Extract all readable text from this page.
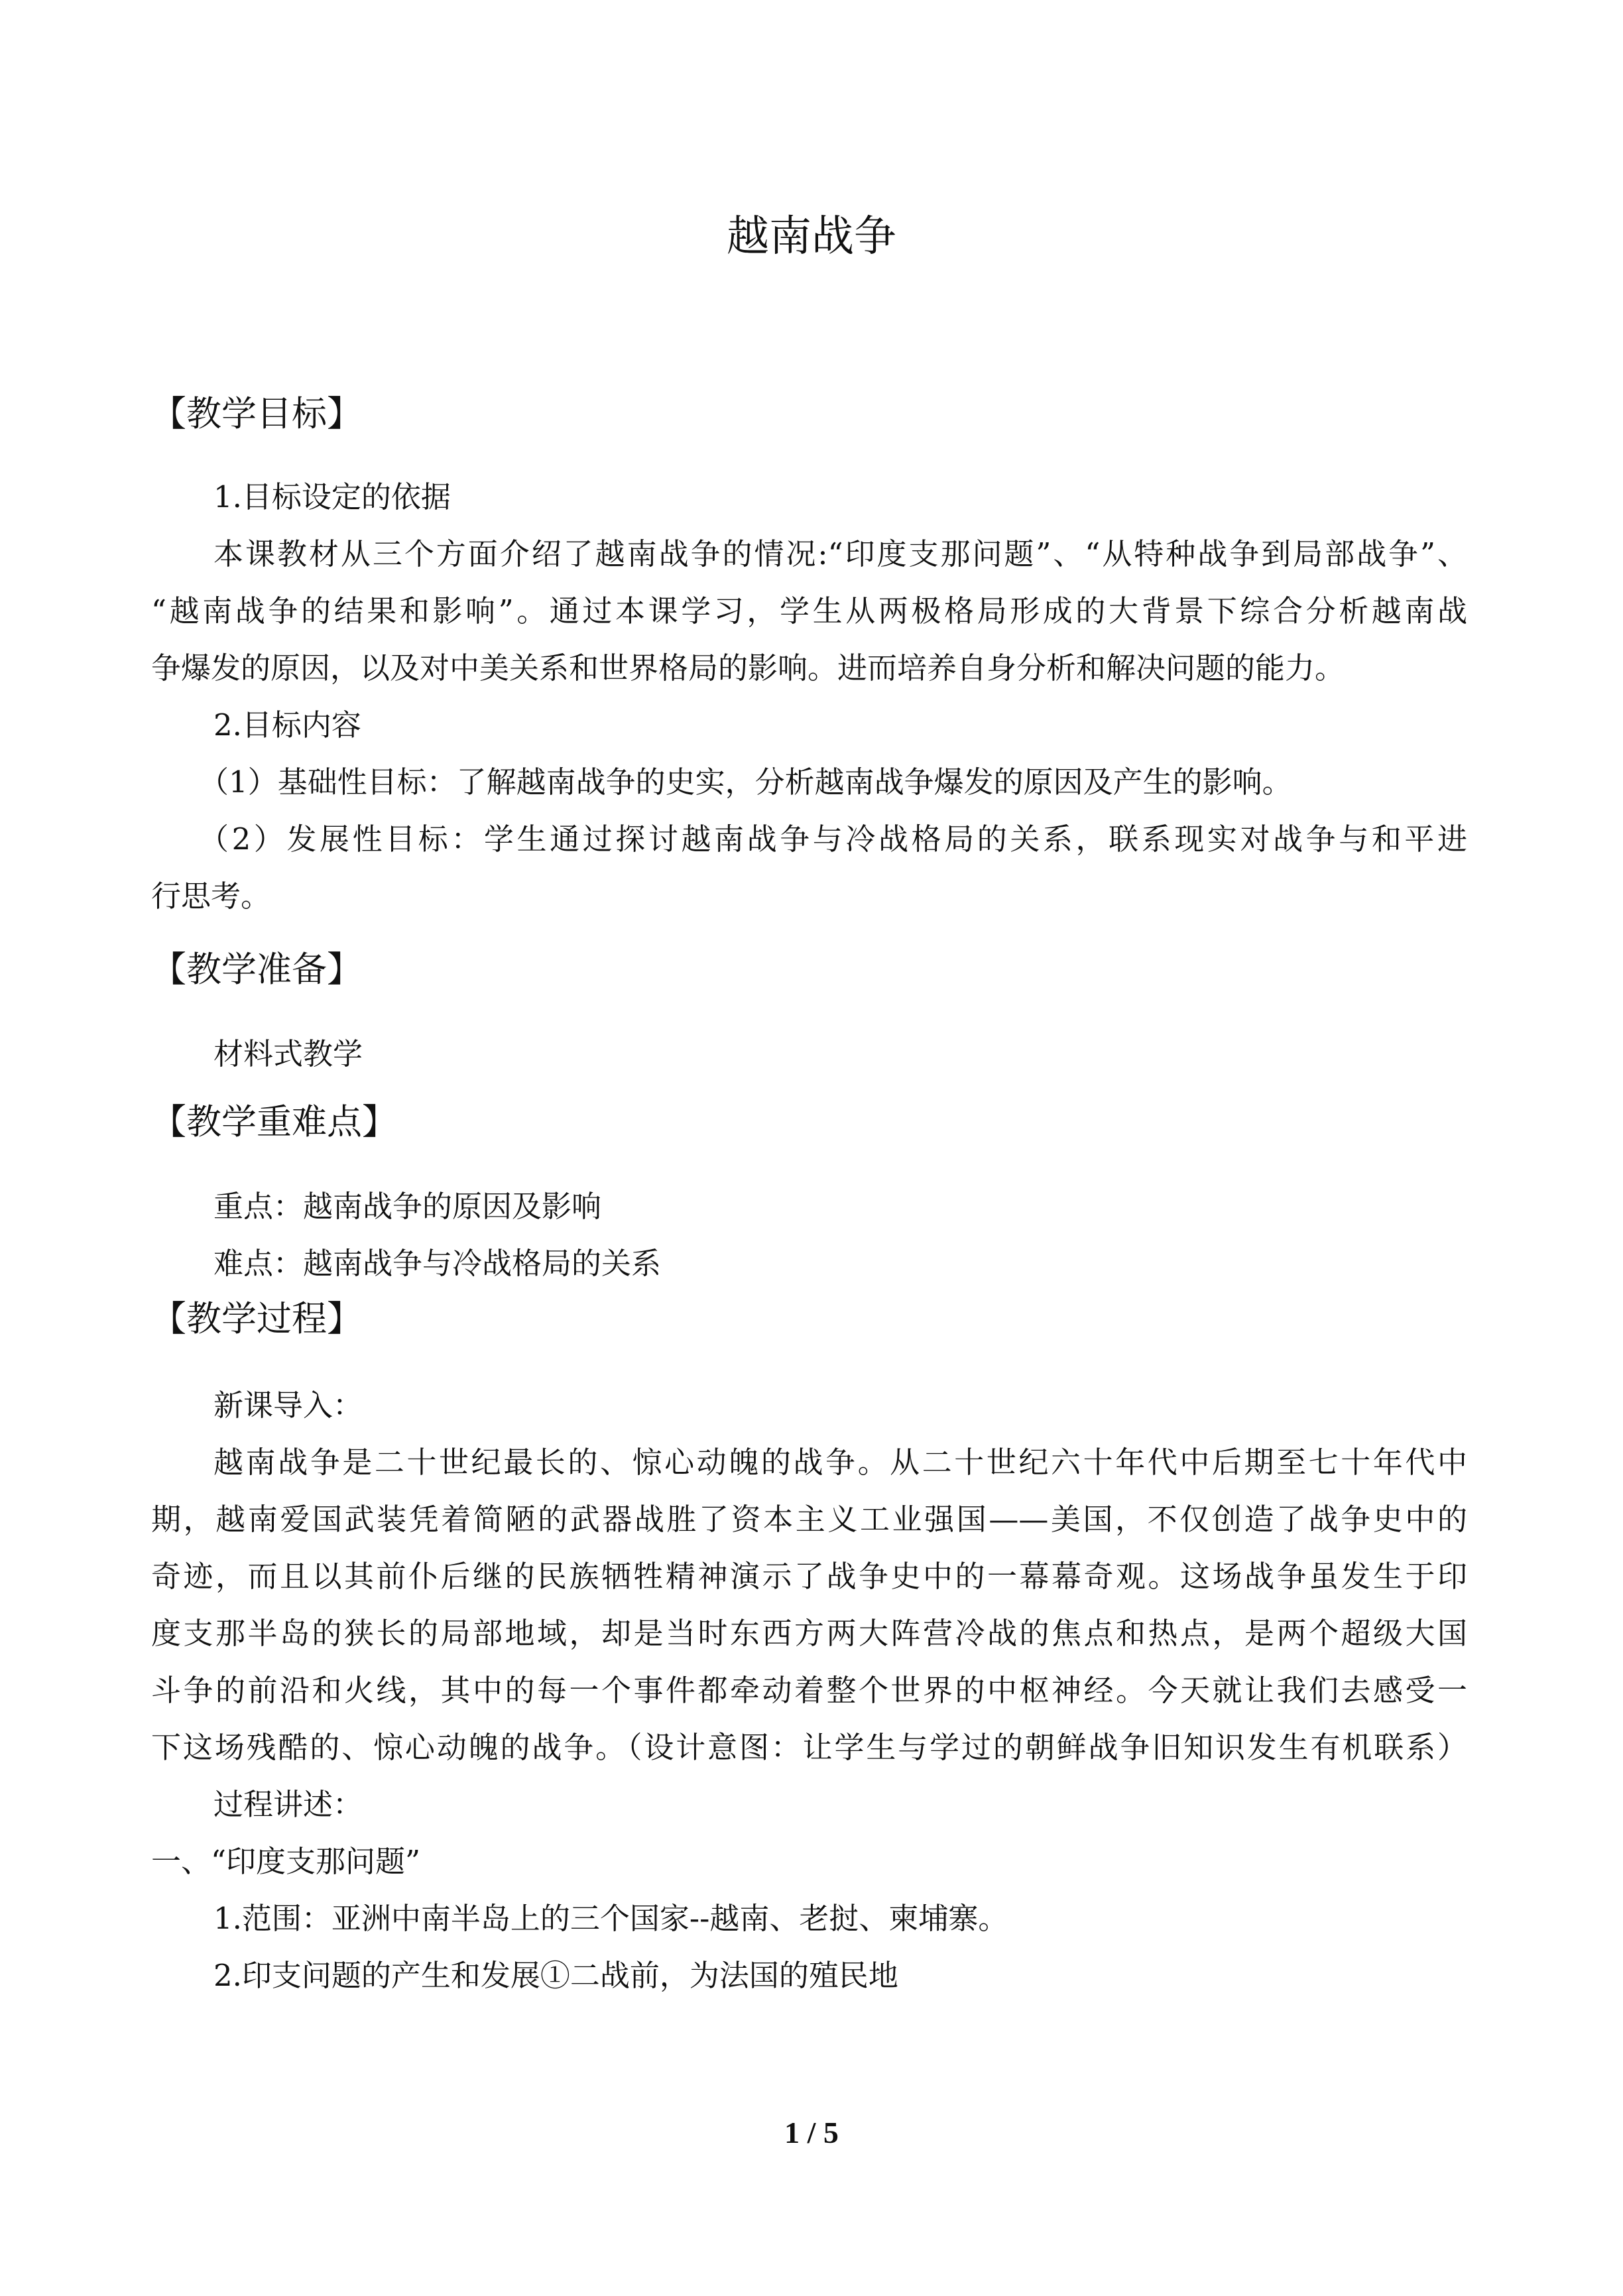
越南战争
【教学目标】
1.目标设定的依据
本课教材从三个方面介绍了越南战争的情况:“印度支那问题”、“从特种战争到局部战争”、
“越南战争的结果和影响”。通过本课学习，学生从两极格局形成的大背景下综合分析越南战
争爆发的原因，以及对中美关系和世界格局的影响。进而培养自身分析和解决问题的能力。
2.目标内容
（1）基础性目标：了解越南战争的史实，分析越南战争爆发的原因及产生的影响。
（2）发展性目标：学生通过探讨越南战争与冷战格局的关系，联系现实对战争与和平进
行思考。
【教学准备】
材料式教学
【教学重难点】
重点：越南战争的原因及影响
难点：越南战争与冷战格局的关系
【教学过程】
新课导入：
越南战争是二十世纪最长的、惊心动魄的战争。从二十世纪六十年代中后期至七十年代中
期，越南爱国武装凭着简陋的武器战胜了资本主义工业强国——美国，不仅创造了战争史中的
奇迹，而且以其前仆后继的民族牺牲精神演示了战争史中的一幕幕奇观。这场战争虽发生于印
度支那半岛的狭长的局部地域，却是当时东西方两大阵营冷战的焦点和热点，是两个超级大国
斗争的前沿和火线，其中的每一个事件都牵动着整个世界的中枢神经。今天就让我们去感受一
下这场残酷的、惊心动魄的战争。（设计意图：让学生与学过的朝鲜战争旧知识发生有机联系）
过程讲述：
一、“印度支那问题”
1.范围：亚洲中南半岛上的三个国家--越南、老挝、柬埔寨。
2.印支问题的产生和发展①二战前，为法国的殖民地
1 / 5
